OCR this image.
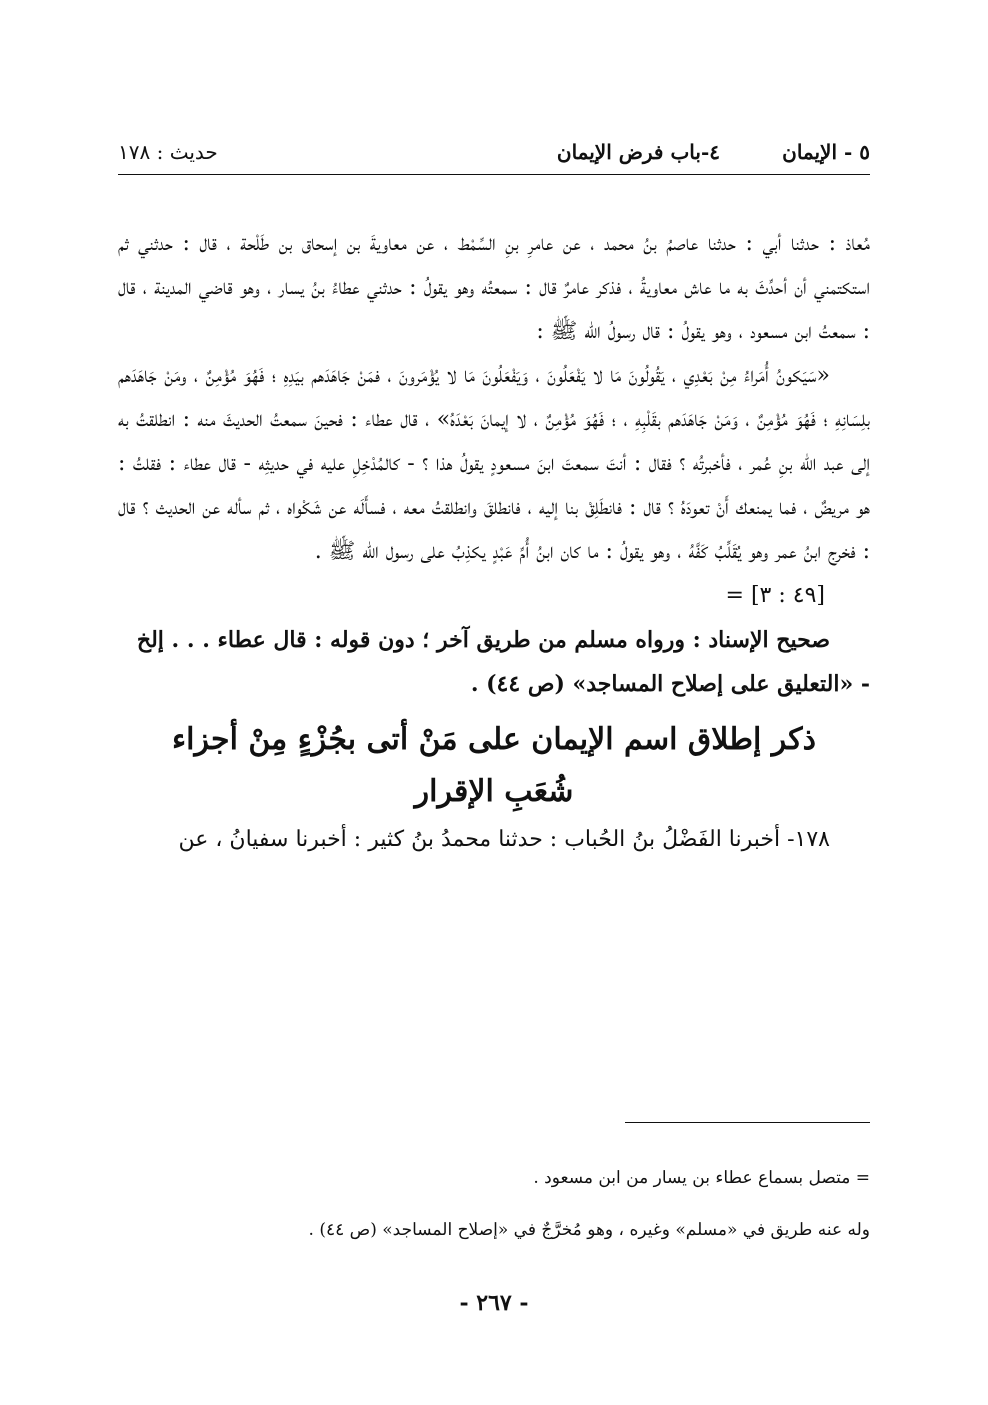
٥ - الإيمان
٤-باب فرض الإيمان
حديث : ١٧٨

مُعاذ : حدثنا أبي : حدثنا عاصمُ بنُ محمد ، عن عامرِ بنِ السِّمْط ، عن معاويةَ بن إسحاق بن طَلْحة ، قال : حدثني ثم استكتمني أن أحدِّثَ به ما عاش معاويةُ ، فذكر عامرٌ قال : سمعتُه وهو يقولُ : حدثني عطاءُ بنُ يسار ، وهو قاضي المدينة ، قال : سمعتُ ابن مسعود ، وهو يقولُ : قال رسولُ اللّه ﷺ :

«سَيَكونُ أُمَراءُ مِنْ بَعْدِي ، يَقُولُونَ مَا لا يَفْعَلُونَ ، وَيَفْعَلُونَ مَا لا يُؤْمَرونَ ، فمَنْ جَاهَدَهم بيَدِهِ ؛ فَهُوَ مُؤْمِنٌ ، ومَنْ جَاهَدَهم بلِسَانِهِ ؛ فَهُوَ مُؤْمِنٌ ، وَمَنْ جَاهَدَهم بقَلْبِهِ ، ؛ فَهُوَ مُؤْمِنٌ ، لا إيمانَ بَعْدَهُ» ، قال عطاء : فحينَ سمعتُ الحديثَ منه : انطلقتُ به إلى عبد اللّه بنِ عُمر ، فأخبرتُه ؟ فقال : أنتَ سمعتَ ابنَ مسعودٍ يقولُ هذا ؟ - كالمُدْخِلِ عليه في حديثِه - قال عطاء : فقلتُ : هو مريضٌ ، فما يمنعك أَنْ تعودَهُ ؟ قال : فانطَلِقْ بنا إليه ، فانطلقَ وانطلقتُ معه ، فسأَلَه عن شَكْواه ، ثم سأله عن الحديث ؟ قال : فخرج ابنُ عمر وهو يُقَلِّبُ كَفَّهُ ، وهو يقولُ : ما كان ابنُ أُمِّ عَبْدٍ يكذِبُ على رسول اللّه ﷺ .

[٤٩ : ٣] =

صحيح الإسناد : ورواه مسلم من طريق آخر ؛ دون قوله : قال عطاء . . . إلخ

- «التعليق على إصلاح المساجد» (ص ٤٤) .

ذكر إطلاق اسم الإيمان على مَنْ أتى بجُزْءٍ مِنْ أجزاء
شُعَبِ الإقرار

١٧٨- أخبرنا الفَضْلُ بنُ الحُباب : حدثنا محمدُ بنُ كثير : أخبرنا سفيانُ ، عن

= متصل بسماع عطاء بن يسار من ابن مسعود .

وله عنه طريق في «مسلم» وغيره ، وهو مُخرَّجٌ في «إصلاح المساجد» (ص ٤٤) .

- ٢٦٧ -
